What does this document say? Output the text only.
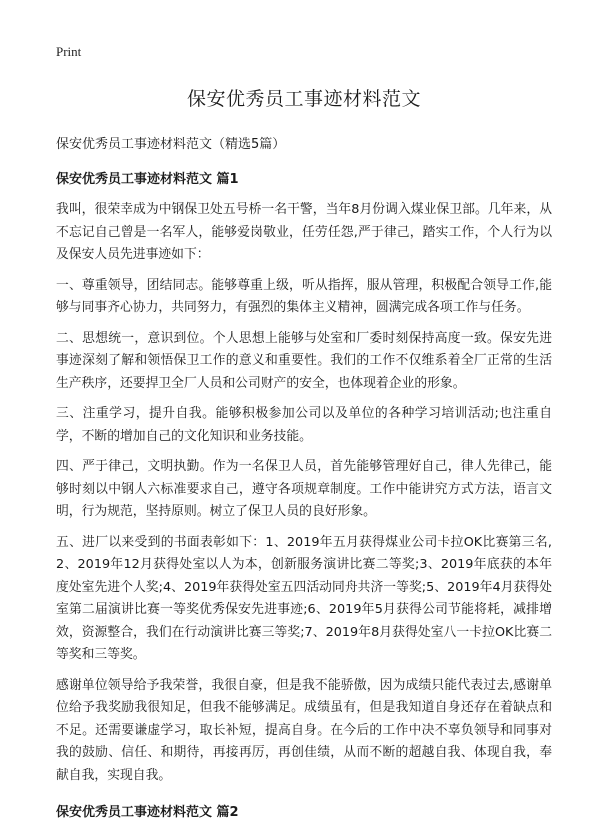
Print
保安优秀员工事迹材料范文

保安优秀员工事迹材料范文（精选5篇）

保安优秀员工事迹材料范文 篇1

我叫，很荣幸成为中钢保卫处五号桥一名干警，当年8月份调入煤业保卫部。几年来，从不忘记自己曾是一名军人，能够爱岗敬业，任劳任怨,严于律己，踏实工作，个人行为以及保安人员先进事迹如下：

一、尊重领导，团结同志。能够尊重上级，听从指挥，服从管理，积极配合领导工作,能够与同事齐心协力，共同努力，有强烈的集体主义精神，圆满完成各项工作与任务。

二、思想统一，意识到位。个人思想上能够与处室和厂委时刻保持高度一致。保安先进事迹深刻了解和领悟保卫工作的意义和重要性。我们的工作不仅维系着全厂正常的生活生产秩序，还要捍卫全厂人员和公司财产的安全，也体现着企业的形象。

三、注重学习，提升自我。能够积极参加公司以及单位的各种学习培训活动;也注重自学，不断的增加自己的文化知识和业务技能。

四、严于律己，文明执勤。作为一名保卫人员，首先能够管理好自己，律人先律己，能够时刻以中钢人六标准要求自己，遵守各项规章制度。工作中能讲究方式方法，语言文明，行为规范，坚持原则。树立了保卫人员的良好形象。

五、进厂以来受到的书面表彰如下：1、2019年五月获得煤业公司卡拉OK比赛第三名,2、2019年12月获得处室以人为本，创新服务演讲比赛二等奖;3、2019年底获的本年度处室先进个人奖;4、2019年获得处室五四活动同舟共济一等奖;5、2019年4月获得处室第二届演讲比赛一等奖优秀保安先进事迹;6、2019年5月获得公司节能将耗，减排增效，资源整合，我们在行动演讲比赛三等奖;7、2019年8月获得处室八一卡拉OK比赛二等奖和三等奖。

感谢单位领导给予我荣誉，我很自豪，但是我不能骄傲，因为成绩只能代表过去,感谢单位给予我奖励我很知足，但我不能够满足。成绩虽有，但是我知道自身还存在着缺点和不足。还需要谦虚学习，取长补短，提高自身。在今后的工作中决不辜负领导和同事对我的鼓励、信任、和期待，再接再厉，再创佳绩，从而不断的超越自我、体现自我，奉献自我，实现自我。

保安优秀员工事迹材料范文 篇2
